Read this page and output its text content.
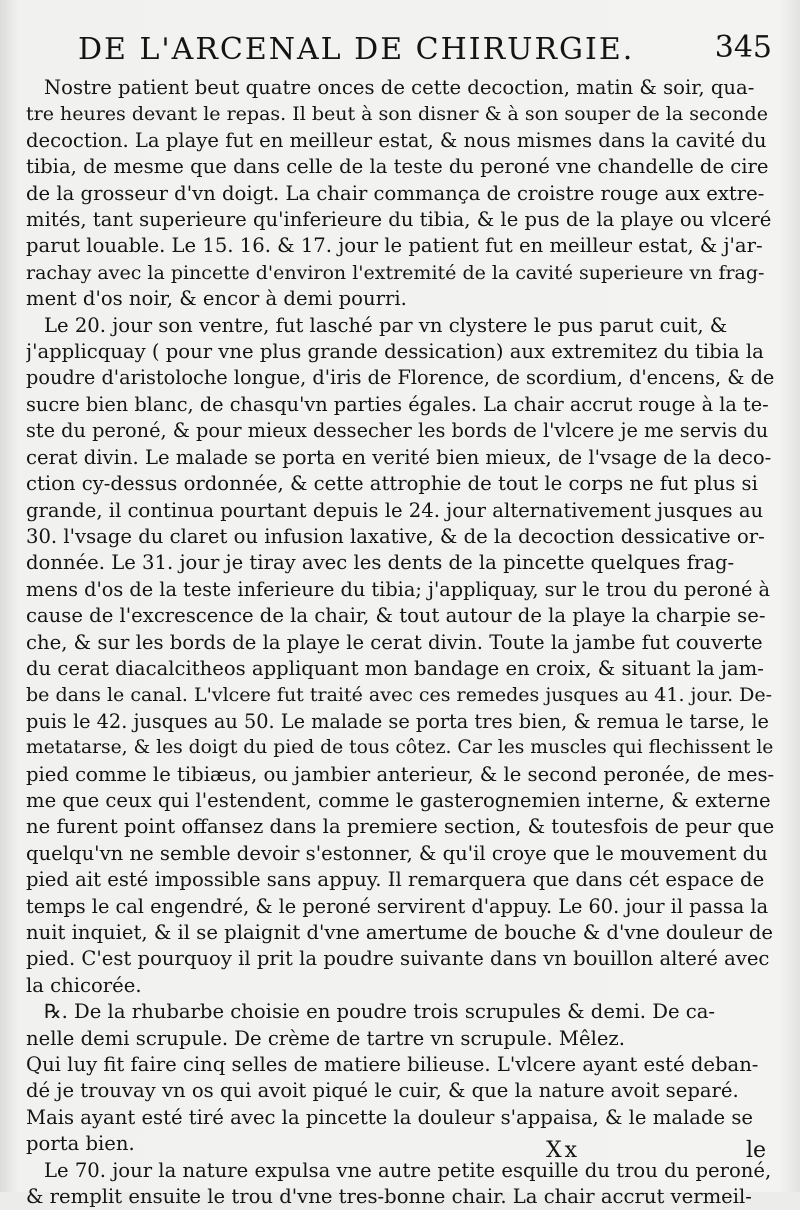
DE L'ARCENAL DE CHIRURGIE.	345
Nostre patient beut quatre onces de cette decoction, matin & soir, qua-
tre heures devant le repas. Il beut à son disner & à son souper de la seconde
decoction. La playe fut en meilleur estat, & nous mismes dans la cavité du
tibia, de mesme que dans celle de la teste du peroné vne chandelle de cire
de la grosseur d'vn doigt. La chair commança de croistre rouge aux extre-
mités, tant superieure qu'inferieure du tibia, & le pus de la playe ou vlceré
parut louable. Le 15. 16. & 17. jour le patient fut en meilleur estat, & j'ar-
rachay avec la pincette d'environ l'extremité de la cavité superieure vn frag-
ment d'os noir, & encor à demi pourri.
Le 20. jour son ventre, fut lasché par vn clystere le pus parut cuit, &
j'applicquay ( pour vne plus grande dessication) aux extremitez du tibia la
poudre d'aristoloche longue, d'iris de Florence, de scordium, d'encens, & de
sucre bien blanc, de chasqu'vn parties égales. La chair accrut rouge à la te-
ste du peroné, & pour mieux dessecher les bords de l'vlcere je me servis du
cerat divin. Le malade se porta en verité bien mieux, de l'vsage de la deco-
ction cy-dessus ordonnée, & cette attrophie de tout le corps ne fut plus si
grande, il continua pourtant depuis le 24. jour alternativement jusques au
30. l'vsage du claret ou infusion laxative, & de la decoction dessicative or-
donnée. Le 31. jour je tiray avec les dents de la pincette quelques frag-
mens d'os de la teste inferieure du tibia; j'appliquay, sur le trou du peroné à
cause de l'excrescence de la chair, & tout autour de la playe la charpie se-
che, & sur les bords de la playe le cerat divin. Toute la jambe fut couverte
du cerat diacalcitheos appliquant mon bandage en croix, & situant la jam-
be dans le canal. L'vlcere fut traité avec ces remedes jusques au 41. jour. De-
puis le 42. jusques au 50. Le malade se porta tres bien, & remua le tarse, le
metatarse, & les doigt du pied de tous côtez. Car les muscles qui flechissent le
pied comme le tibiæus, ou jambier anterieur, & le second peronée, de mes-
me que ceux qui l'estendent, comme le gasterognemien interne, & externe
ne furent point offansez dans la premiere section, & toutesfois de peur que
quelqu'vn ne semble devoir s'estonner, & qu'il croye que le mouvement du
pied ait esté impossible sans appuy. Il remarquera que dans cét espace de
temps le cal engendré, & le peroné servirent d'appuy. Le 60. jour il passa la
nuit inquiet, & il se plaignit d'vne amertume de bouche & d'vne douleur de
pied. C'est pourquoy il prit la poudre suivante dans vn bouillon alteré avec
la chicorée.
℞. De la rhubarbe choisie en poudre trois scrupules & demi. De ca-
nelle demi scrupule. De crème de tartre vn scrupule. Mêlez.
Qui luy fit faire cinq selles de matiere bilieuse. L'vlcere ayant esté deban-
dé je trouvay vn os qui avoit piqué le cuir, & que la nature avoit separé.
Mais ayant esté tiré avec la pincette la douleur s'appaisa, & le malade se
porta bien.
Le 70. jour la nature expulsa vne autre petite esquille du trou du peroné,
& remplit ensuite le trou d'vne tres-bonne chair. La chair accrut vermeil-
Xx	le
